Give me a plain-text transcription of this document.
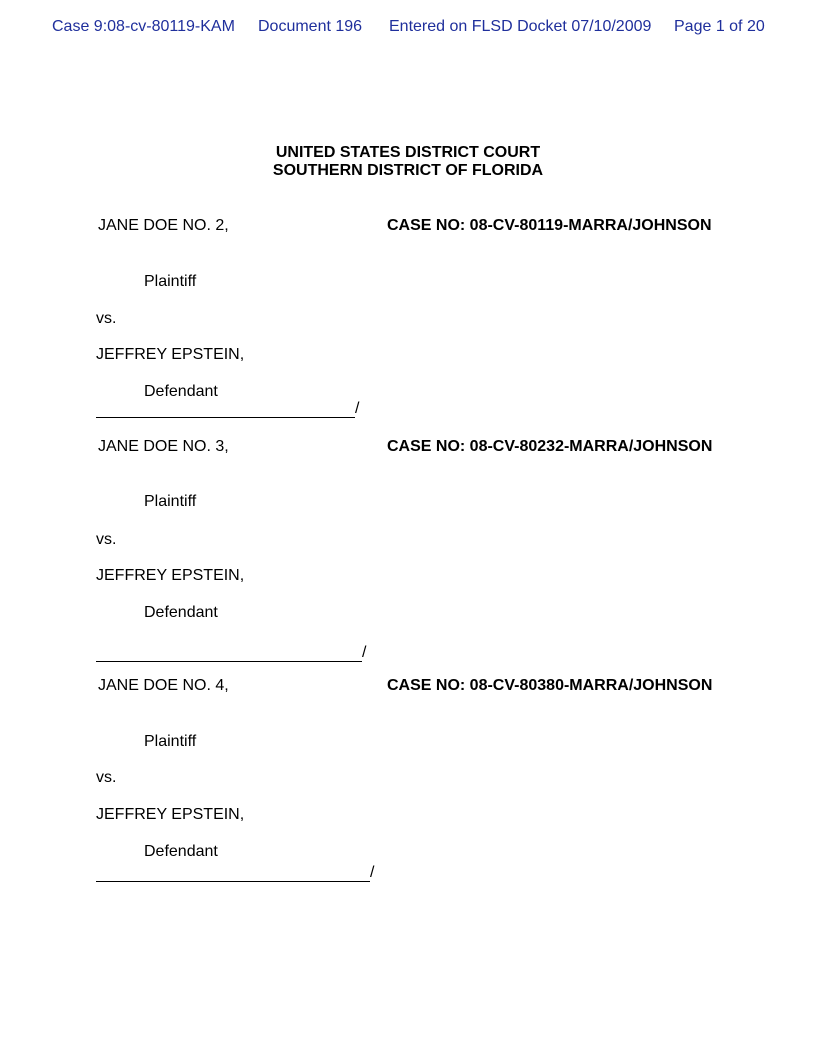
Case 9:08-cv-80119-KAM Document 196 Entered on FLSD Docket 07/10/2009 Page 1 of 20
UNITED STATES DISTRICT COURT
SOUTHERN DISTRICT OF FLORIDA
JANE DOE NO. 2,	CASE NO: 08-CV-80119-MARRA/JOHNSON
Plaintiff
vs.
JEFFREY EPSTEIN,
Defendant
/
JANE DOE NO. 3,	CASE NO: 08-CV-80232-MARRA/JOHNSON
Plaintiff
vs.
JEFFREY EPSTEIN,
Defendant
/
JANE DOE NO. 4,	CASE NO: 08-CV-80380-MARRA/JOHNSON
Plaintiff
vs.
JEFFREY EPSTEIN,
Defendant
/
